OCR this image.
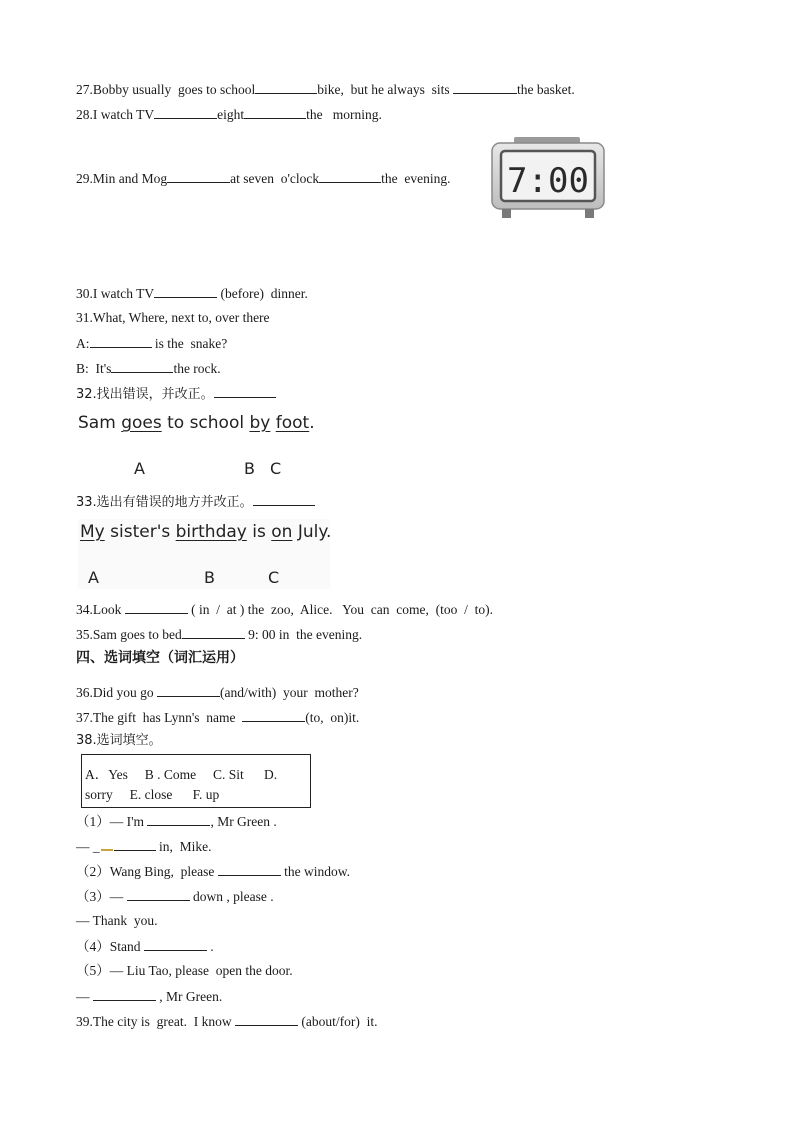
27.Bobby usually  goes to school	bike,  but he always  sits	the basket.
28.I watch TV	eight	the   morning.
29.Min and Mog	at seven  o'clock	the  evening. 7:00
30.I watch TV	(before)  dinner.
31.What, Where, next to, over there
A:	is the  snake?
B:  It's	the rock.
32.找出错误，并改正。
Sam goes to school by foot.
A	B C
33.选出有错误的地方并改正。
My sister's birthday is on July.
A	B	C
34.Look	( in  /  at ) the  zoo,  Alice.   You  can  come,  (too  /  to).
35.Sam goes to bed	9: 00 in  the evening.
四、选词填空（词汇运用）
36.Did you go	(and/with)  your  mother?
37.The gift  has Lynn's  name	(to,  on)it.
38.选词填空。
A．Yes     B . Come     C. Sit      D.
sorry     E. close      F. up
（1）— I'm	, Mr Green .
— _	in,  Mike.
（2）Wang Bing,  please	the window.
（3）—	down , please .
— Thank  you.
（4）Stand	.
（5）— Liu Tao, please  open the door.
—	, Mr Green.
39.The city is  great.  I know	(about/for)  it.
